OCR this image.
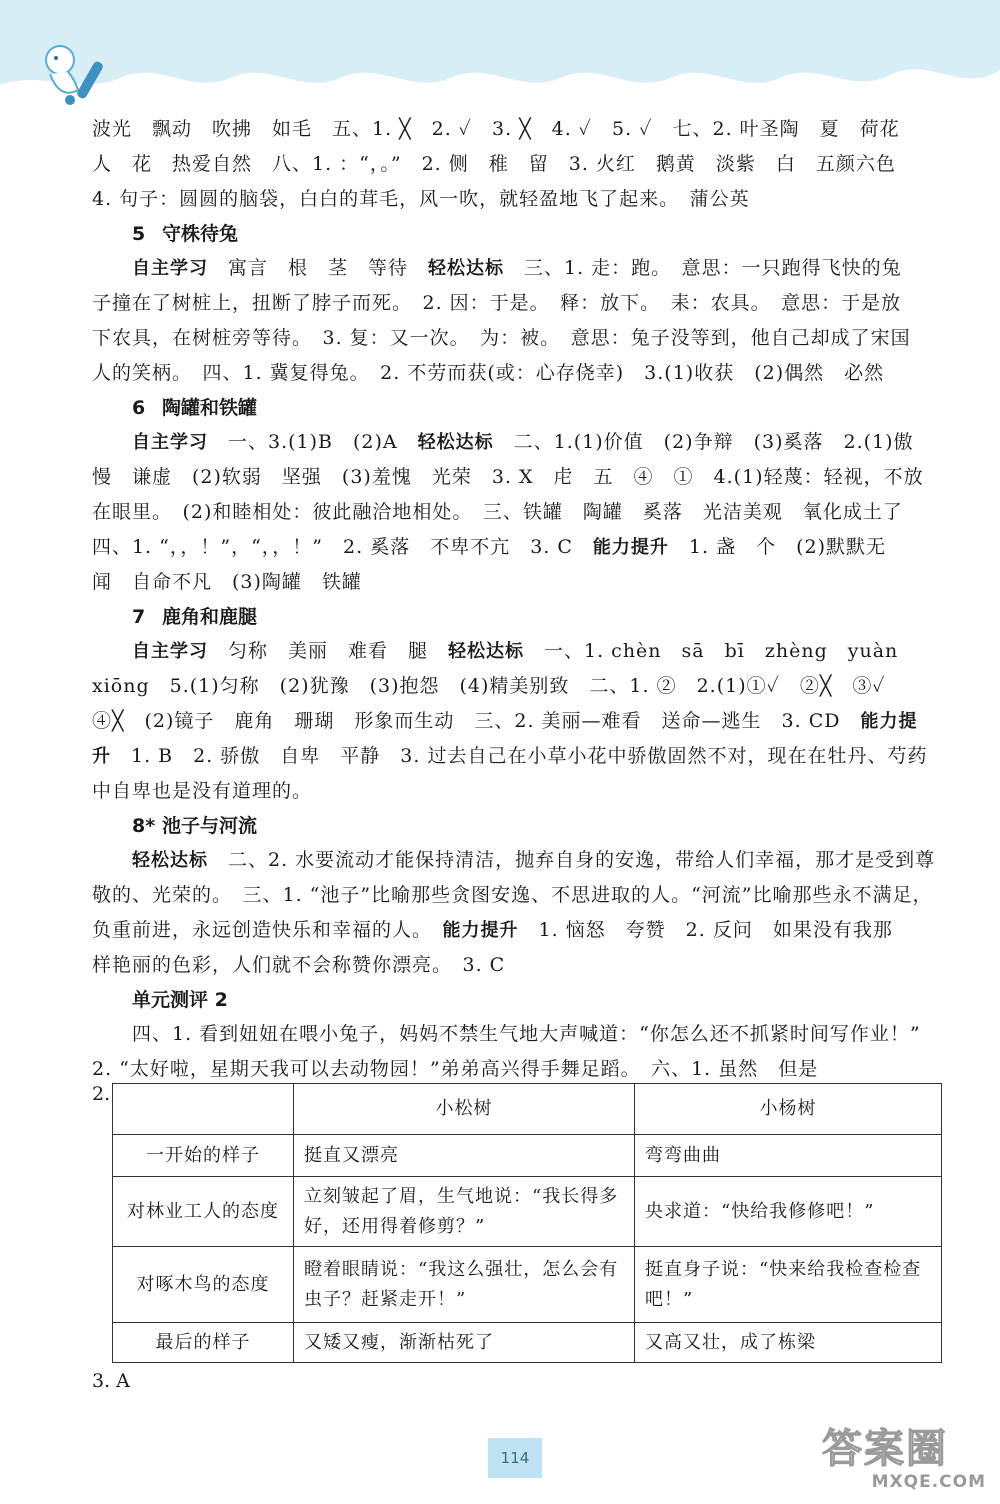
波光　飘动　吹拂　如毛　五、1. ╳　2. ✓　3. ╳　4. ✓　5. ✓　七、2. 叶圣陶　夏　荷花

人　花　热爱自然　八、1. ：“，。”　2. 侧　稚　留　3. 火红　鹅黄　淡紫　白　五颜六色

4. 句子：圆圆的脑袋，白白的茸毛，风一吹，就轻盈地飞了起来。　蒲公英

5 守株待兔

自主学习　寓言　根　茎　等待　轻松达标　三、1. 走：跑。　意思：一只跑得飞快的兔

子撞在了树桩上，扭断了脖子而死。　2. 因：于是。　释：放下。　耒：农具。　意思：于是放

下农具，在树桩旁等待。　3. 复：又一次。　为：被。　意思：兔子没等到，他自己却成了宋国

人的笑柄。　四、1. 冀复得兔。　2. 不劳而获(或：心存侥幸)　3.(1)收获　(2)偶然　必然

6 陶罐和铁罐

自主学习　一、3.(1)B　(2)A　轻松达标　二、1.(1)价值　(2)争辩　(3)奚落　2.(1)傲

慢　谦虚　(2)软弱　坚强　(3)羞愧　光荣　3. X　虍　五　④　①　4.(1)轻蔑：轻视，不放

在眼里。　(2)和睦相处：彼此融洽地相处。　三、铁罐　陶罐　奚落　光洁美观　氧化成土了

四、1. “，，！”，“，，！”　2. 奚落　不卑不亢　3. C　能力提升　1. 盏　个　(2)默默无

闻　自命不凡　(3)陶罐　铁罐

7 鹿角和鹿腿

自主学习　匀称　美丽　难看　腿　轻松达标　一、1. chèn　sā　bī　zhèng　yuàn

xiōng　5.(1)匀称　(2)犹豫　(3)抱怨　(4)精美别致　二、1. ②　2.(1)①✓　②╳　③✓

④╳　(2)镜子　鹿角　珊瑚　形象而生动　三、2. 美丽—难看　送命—逃生　3. CD　能力提

升　1. B　2. 骄傲　自卑　平静　3. 过去自己在小草小花中骄傲固然不对，现在在牡丹、芍药

中自卑也是没有道理的。

8* 池子与河流

轻松达标　二、2. 水要流动才能保持清洁，抛弃自身的安逸，带给人们幸福，那才是受到尊

敬的、光荣的。　三、1. “池子”比喻那些贪图安逸、不思进取的人。“河流”比喻那些永不满足，

负重前进，永远创造快乐和幸福的人。　能力提升　1. 恼怒　夸赞　2. 反问　如果没有我那

样艳丽的色彩，人们就不会称赞你漂亮。　3. C

单元测评 2

四、1. 看到妞妞在喂小兔子，妈妈不禁生气地大声喊道：“你怎么还不抓紧时间写作业！”

2. “太好啦，星期天我可以去动物园！”弟弟高兴得手舞足蹈。　六、1. 虽然　但是

2.
	小松树	小杨树
一开始的样子	挺直又漂亮	弯弯曲曲
对林业工人的态度	立刻皱起了眉，生气地说：“我长得多好，还用得着修剪？”	央求道：“快给我修修吧！”
对啄木鸟的态度	瞪着眼睛说：“我这么强壮，怎么会有虫子？赶紧走开！”	挺直身子说：“快来给我检查检查吧！”
最后的样子	又矮又瘦，渐渐枯死了	又高又壮，成了栋梁
3. A
114	答案圈
MXQE.COM
